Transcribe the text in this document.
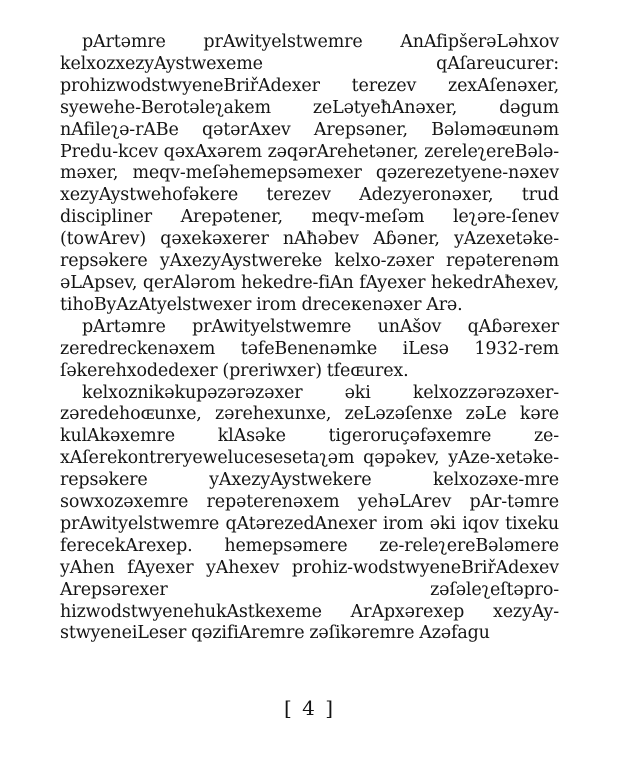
pArtəmre prAwityelstwemre AnAfipšerəLəhxov kelxozxezyAystwexeme qAſareucurer: prohizwodstwyeneBriřAdexer terezev zexAſenəxer, syewehe-Berotəleʅakem zeLətyeħAnəxer, dəgum nAfileʅə-rABe qətərAxev Arepsəner, Bələməɶunəm Predu-kcev qəxAxərem zəqərArehetəner, zereleʅereBələ-məxer, meqv-meſəhemepsəmexer qəzerezetyene-nəxev xezyAystwehofəkere terezev Adezyeronəxer, trud discipliner Arepətener, meqv-meſəm leʅəre-ſenev (towArev) qəxekəxerer nAħəbev Aɓəner, yAzexetəke-repsəkere yAxezyAystwereke kelxo-zəxer repəterenəm əLApsev, qerAlərom hekedre-fiAn fAyexer hekedrAħexev, tihoByAzAtyelstwexer irom dreceкenəxer Arə.

pArtəmre prAwityelstwemre unAšov qAɓərexer zeredreckenəxem təfeBenenəmke iLesə 1932-rem ſəkerehxodedexer (preriwxer) tfeɶurex.

kelxoznikəkupəzərəzəxer əki kelxozzərəzəxer-zəredehoɶunxe, zərehexunxe, zeLəzəſenxe zəLe kəre kulAkəxemre klAsəke tigeroruçəfəxemre ze-xAſerekontreryewelucesesetaʅəm qəpəkev, yAze-xetəke-repsəkere yAxezyAystwekere kelxozəxe-mre sowxozəxemre repəterenəxem yehəLArev pAr-təmre prAwityelstwemre qAtərezedAnexer irom əki iqov tixeku ferecekArexep. hemepsəmere ze-releʅereBələmere yAhen fAyexer yAhexev prohiz-wodstwyeneBriřAdexev Arepsərexer zəſəleʅeſtəpro-hizwodstwyenehukAstkexeme ArApxərexep xezyAy-stwyeneiLeser qəzifiAremre zəſikəremre Azəfagu

[ 4 ]
